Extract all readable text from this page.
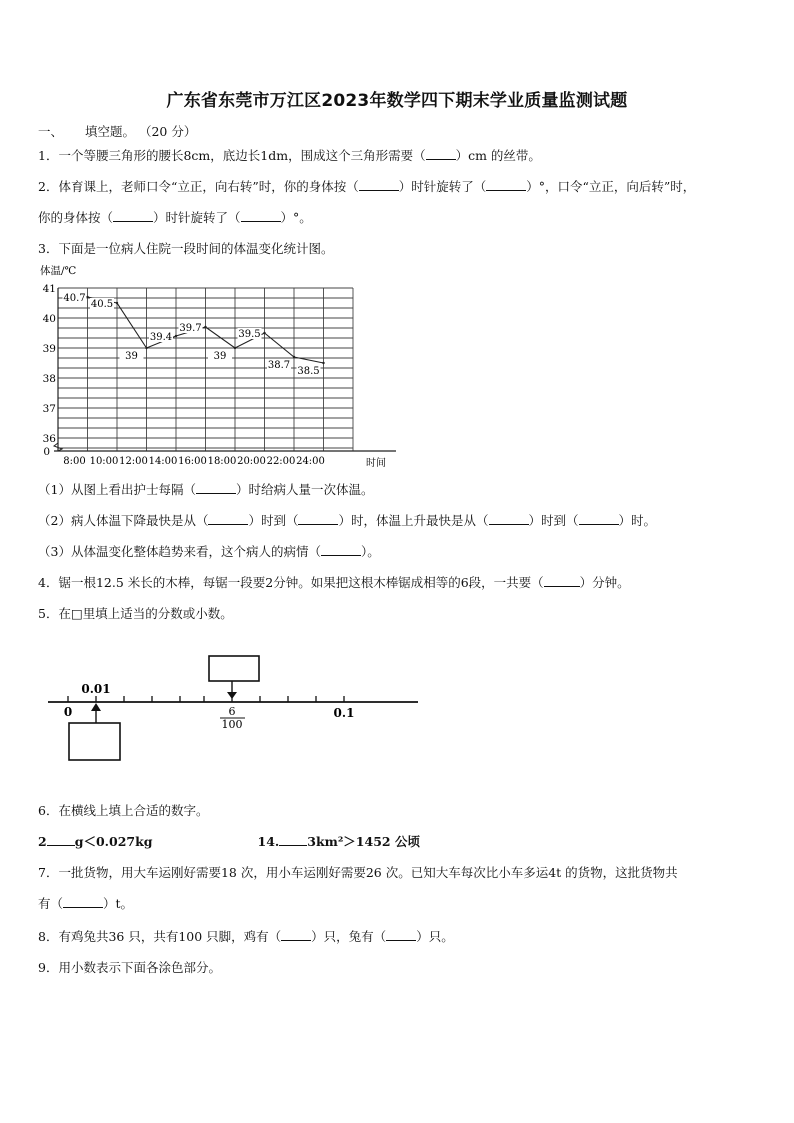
广东省东莞市万江区2023年数学四下期末学业质量监测试题
一、 填空题。 （20 分）
1．一个等腰三角形的腰长8cm，底边长1dm，围成这个三角形需要（ ）cm 的丝带。
2．体育课上，老师口令“立正，向右转”时，你的身体按（	）时针旋转了（	）°，口令“立正，向后转”时，
你的身体按（	）时针旋转了（	）°。
3．下面是一位病人住院一段时间的体温变化统计图。
体温/℃
36
37
38
39
40
41
0
8:00 10:00 12:00 14:00 16:00 18:00 20:00 22:00 24:00	时间
40.7
40.5
39
39.4
39.7
39
39.5
38.7
38.5
（1）从图上看出护士每隔（	）时给病人量一次体温。
（2）病人体温下降最快是从（	）时到（	）时，体温上升最快是从（	）时到（	）时。
（3）从体温变化整体趋势来看，这个病人的病情（	）。
4．锯一根12.5 米长的木棒，每锯一段要2分钟。如果把这根木棒锯成相等的6段，一共要（	）分钟。
5．在□里填上适当的分数或小数。
0.01
0	6
100
0.1
6．在横线上填上合适的数字。
2 g＜0.027kg	14. 3km²＞1452 公顷
7．一批货物，用大车运刚好需要18 次，用小车运刚好需要26 次。已知大车每次比小车多运4t 的货物，这批货物共
有（	）t。
8．有鸡兔共36 只，共有100 只脚，鸡有（ ）只，兔有（ ）只。
9．用小数表示下面各涂色部分。
